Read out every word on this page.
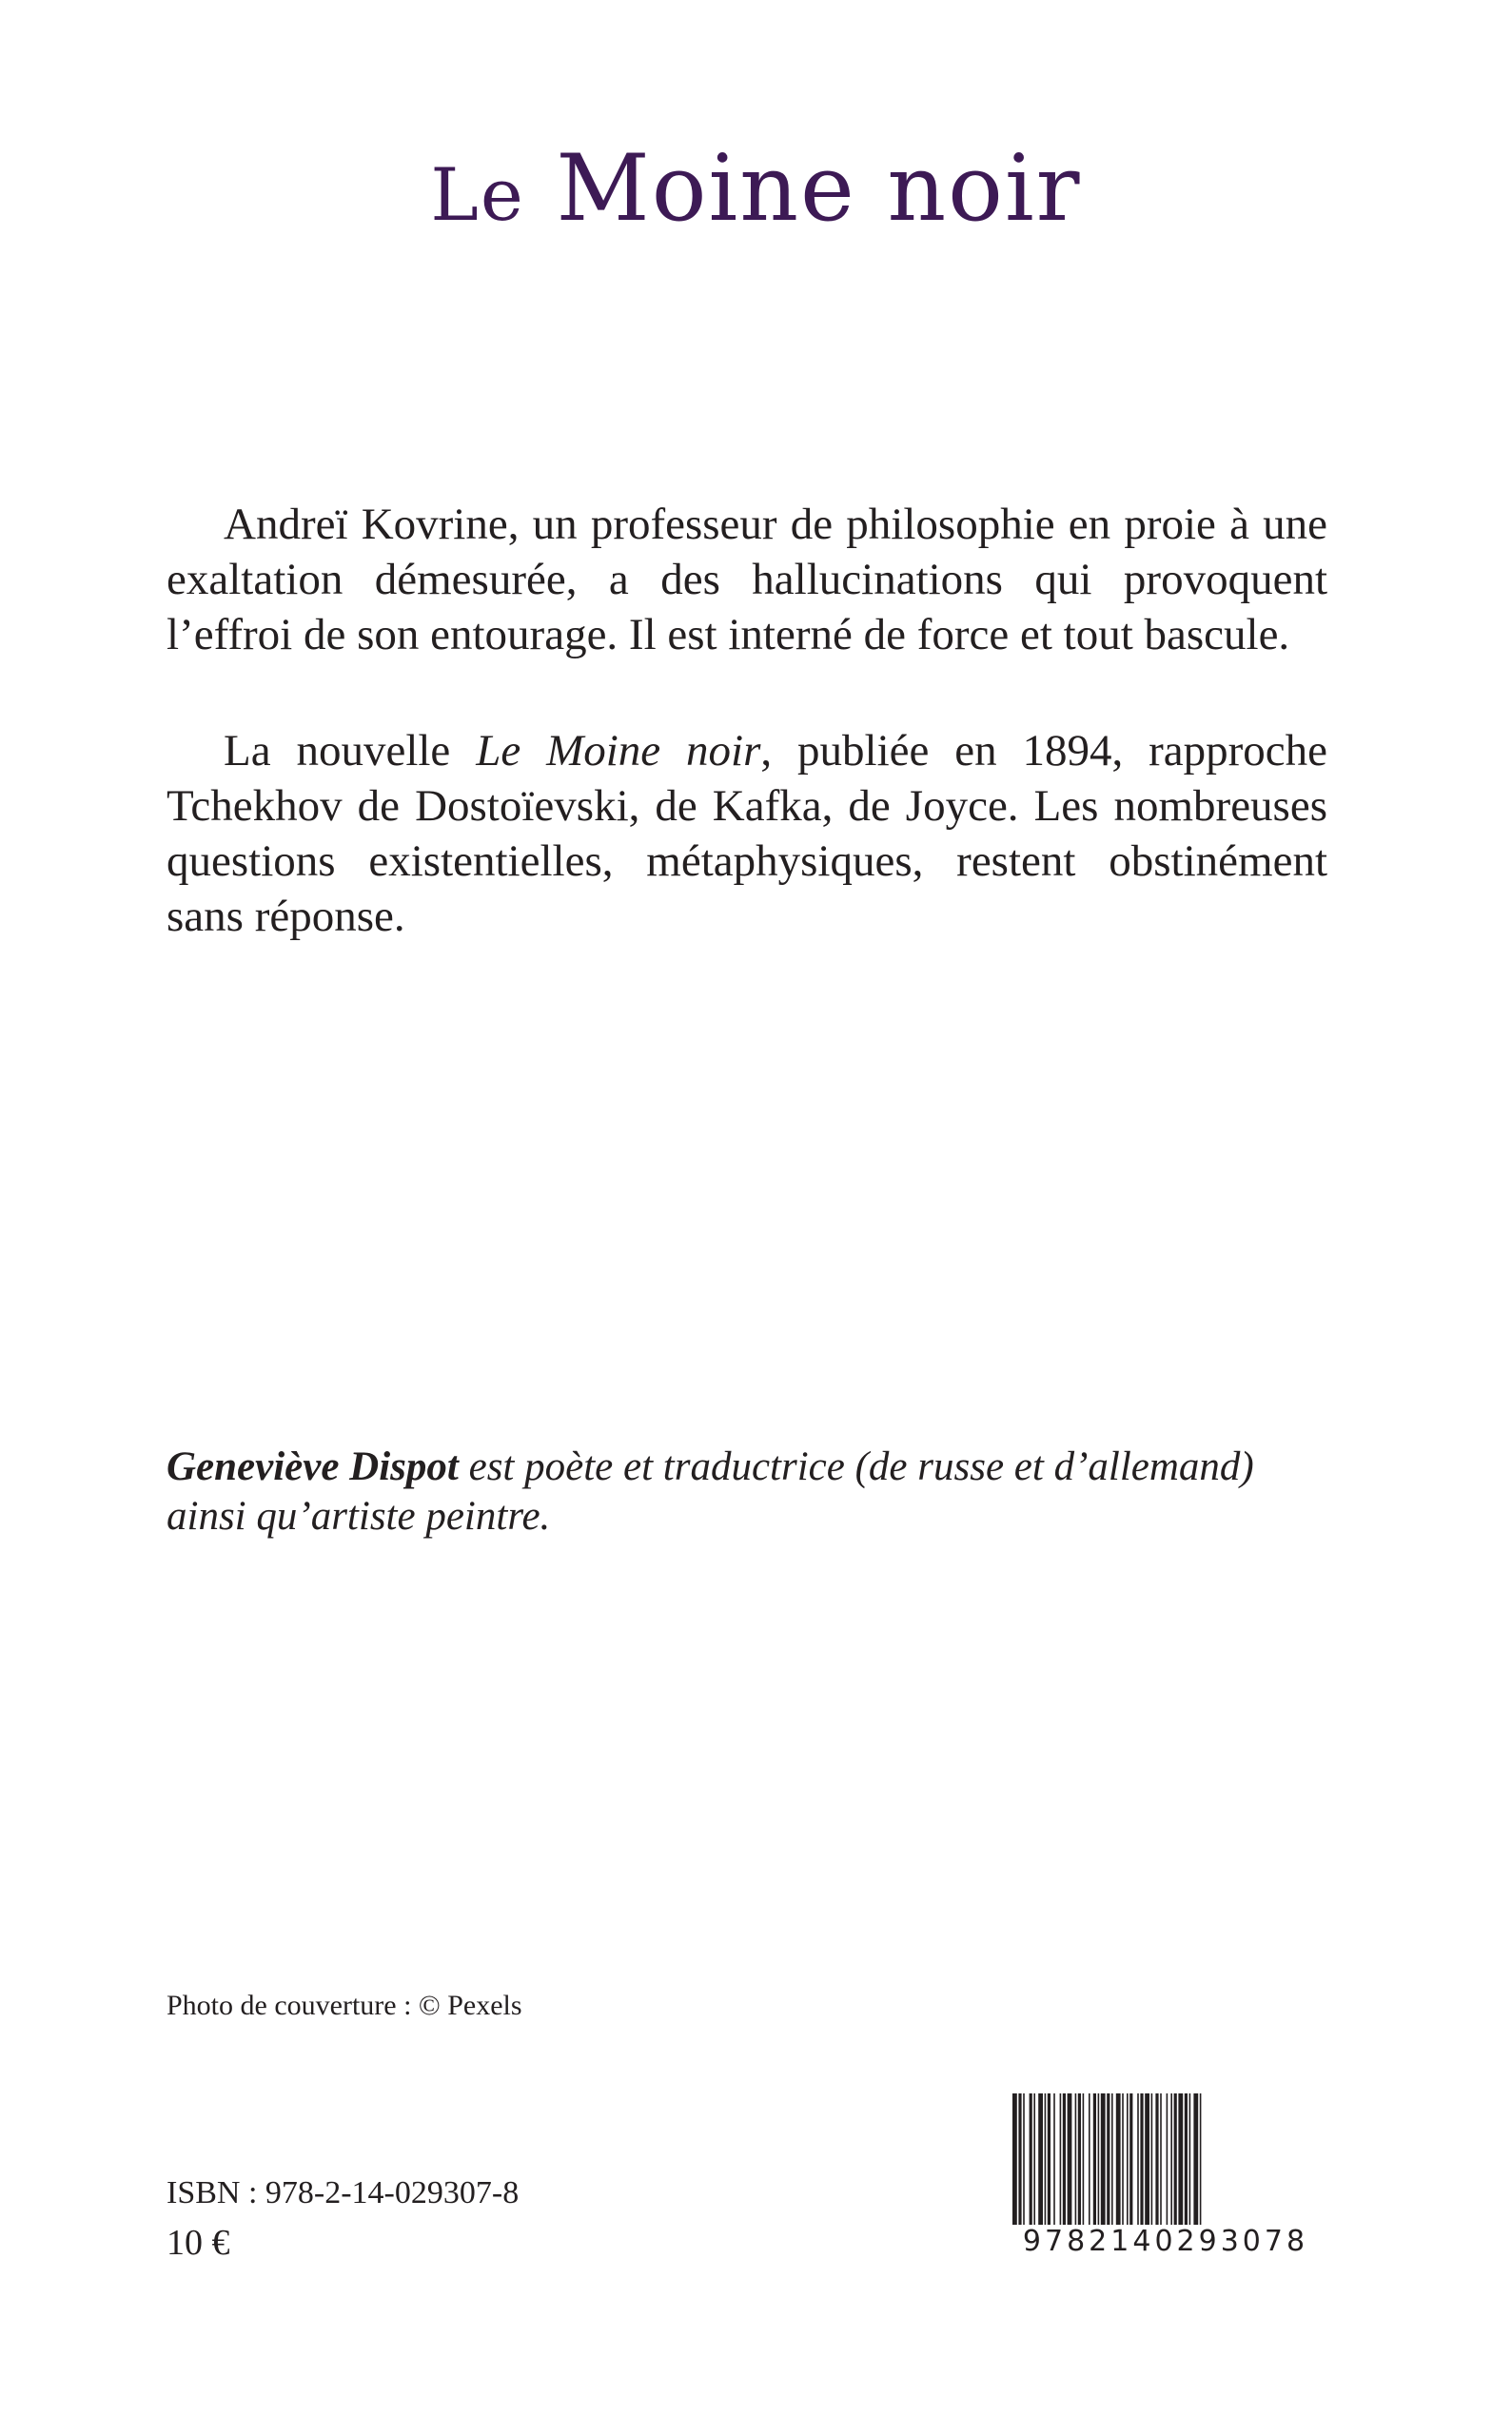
Le Moine noir

Andreï Kovrine, un professeur de philosophie en proie à une exaltation démesurée, a des hallucinations qui provoquent l’effroi de son entourage. Il est interné de force et tout bascule.

La nouvelle Le Moine noir, publiée en 1894, rapproche Tchekhov de Dostoïevski, de Kafka, de Joyce. Les nombreuses questions existentielles, métaphysiques, restent obstinément sans réponse.

Geneviève Dispot est poète et traductrice (de russe et d’allemand) ainsi qu’artiste peintre.

Photo de couverture : © Pexels
ISBN : 978-2-14-029307-8
10 €	9782140293078
